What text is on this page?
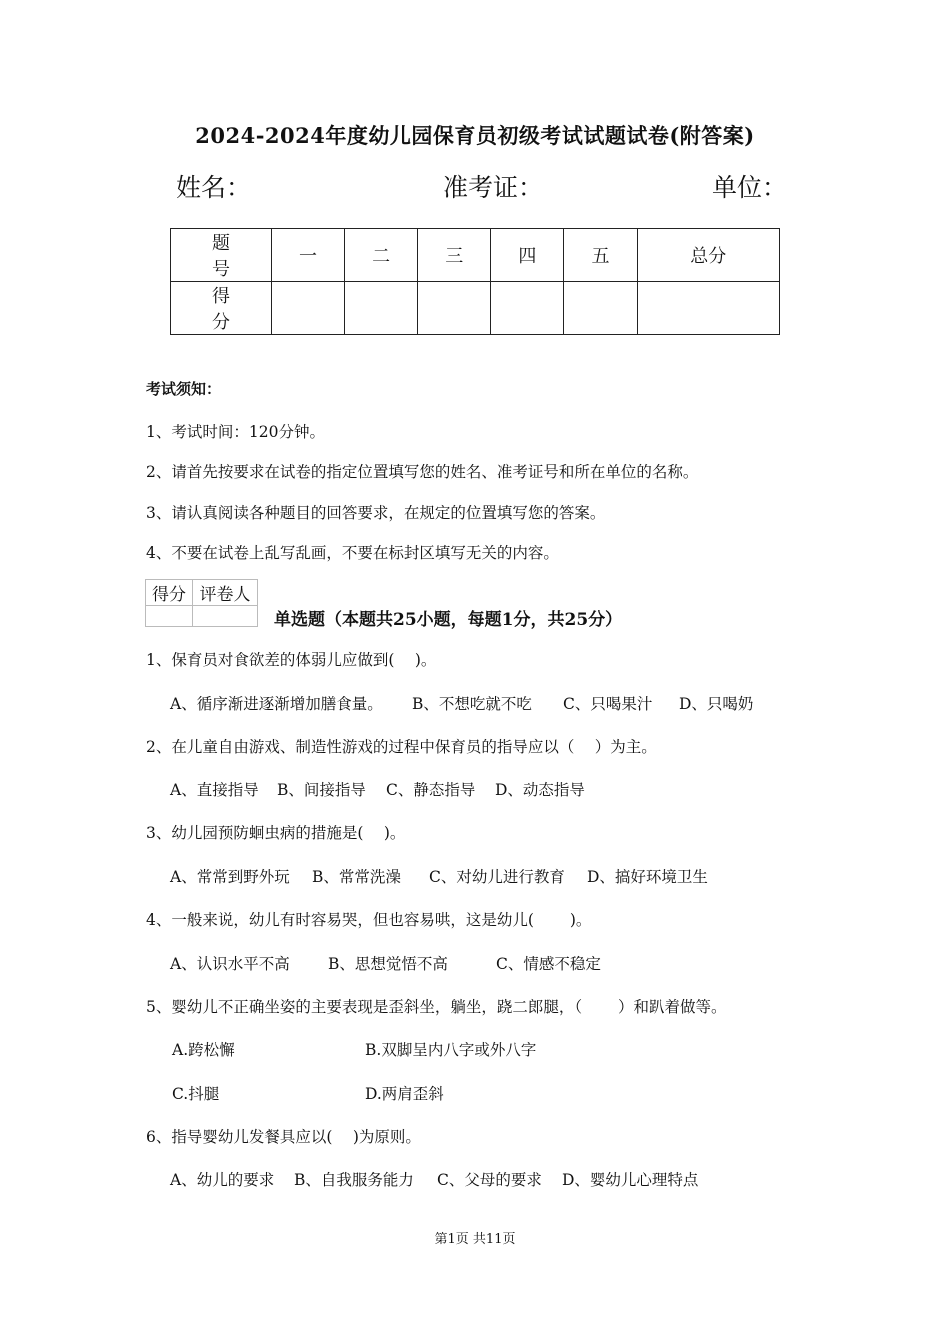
2024-2024年度幼儿园保育员初级考试试题试卷(附答案)
姓名：	准考证：	单位：
题　号	一	二	三	四	五	总分
得　分						
考试须知：
1、考试时间：120分钟。
2、请首先按要求在试卷的指定位置填写您的姓名、准考证号和所在单位的名称。
3、请认真阅读各种题目的回答要求，在规定的位置填写您的答案。
4、不要在试卷上乱写乱画，不要在标封区填写无关的内容。
得分	评卷人

单选题（本题共25小题，每题1分，共25分）
1、保育员对食欲差的体弱儿应做到(　 )。
A、循序渐进逐渐增加膳食量。 B、不想吃就不吃 C、只喝果汁 D、只喝奶
2、在儿童自由游戏、制造性游戏的过程中保育员的指导应以（　 ）为主。
A、直接指导 B、间接指导 C、静态指导 D、动态指导
3、幼儿园预防蛔虫病的措施是(　 )。
A、常常到野外玩 B、常常洗澡 C、对幼儿进行教育 D、搞好环境卫生
4、一般来说，幼儿有时容易哭，但也容易哄，这是幼儿(　　 )。
A、认识水平不高 B、思想觉悟不高	C、情感不稳定
5、婴幼儿不正确坐姿的主要表现是歪斜坐，躺坐，跷二郎腿，（　　 ）和趴着做等。
A.跨松懈	B.双脚呈内八字或外八字
C.抖腿	D.两肩歪斜
6、指导婴幼儿发餐具应以(　 )为原则。
A、幼儿的要求 B、自我服务能力 C、父母的要求 D、婴幼儿心理特点
第1页 共11页
